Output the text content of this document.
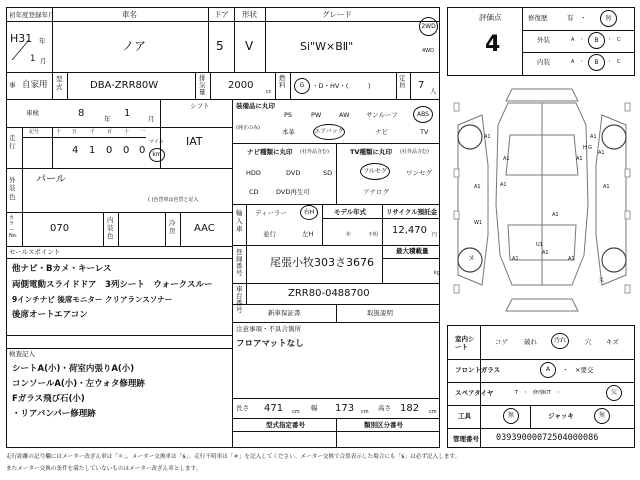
初年度登録年月
H31 年
1 月
車名
ノア
ドア
5
形状
V
グレード
Si"W×BⅡ"
2WD
4WD
事 自家用
型式	DBA-ZRR80W
排気量
2000
cc
燃料 G ・D・HV・(　　　)
定員 7 人
シフト
IAT
車検	8	年 1	月
走行
記号	十 万	千 百 十 一
4 1 0 0 0
マイル
km
外装色
パール
( )色替車は色替と記入
カラーNo.
070
内装色
冷房 AAC
セールスポイント
他ナビ・Bカメ・キーレス
両側電動スライドドア　3列シート　ウォークスルー
9インチナビ 後席モニター クリアランスソナー
後席オートエアコン
検査記入
シートA(小)・荷室内張りA(小)
コンソールA(小)・左ウォタ修理跡
Fガラス飛び石(小)
・リアバンパー修理跡
装備品に丸印
(純正のみ)
PS	PW	AW	サンルーフ	ABS
本革	エアバック	ナビ	TV
ナビ種類に丸印 (社外品含む)
HDD	DVD	SD
CD	DVD再生可
TV種類に丸印 (社外品含む)
フルセグ	ワンセグ
アナログ
輸入車
ディーラー	右H
並行	左H
モデル年式
年	不明
リサイクル預託金
12,470 円
登録番号
尾張小牧303さ3676
最大積載量
kg
車台番号
ZRR80-0488700
新車保証書	取扱説明
注意事項・不具合箇所
フロアマットなし
長さ 471 cm 幅 173 cm 高さ 182 cm
型式指定番号	類別区分番号
評価点
4
修復歴	有　・	無
外装	A　・ B ・　C
内装	A　・ B ・　C
A1	A1
A1
A1
A1
A1	A1
A1
A1
A1
W1
U1
A1	A1
H G
ス
ヌ
室内シート
コゲ 破れ	汚れ	穴 キズ
フロントガラス	A ・　×要交
スペアタイヤ	T　・　修理KIT　・	欠
工具	無	ジャッキ	無
管理番号 03939000072504000086
走行距離の記号欄にはメーター改ざん車は「＊」、メーター交換車は「$」、走行不明車は「＃」を記入してください。メーター交換で合算表示した場合にも「$」は必ず記入します。
またメーター交換の条件を満たしていないものはメーター改ざん車とします。
